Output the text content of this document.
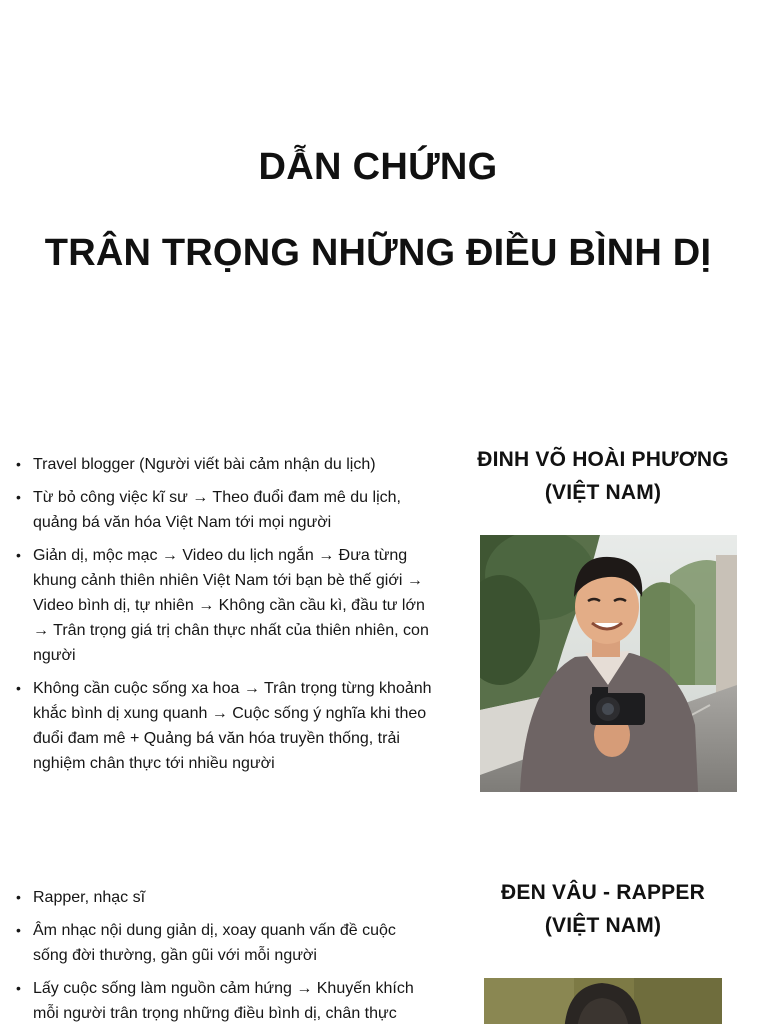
DẪN CHỨNG
TRÂN TRỌNG NHỮNG ĐIỀU BÌNH DỊ
• Travel blogger (Người viết bài cảm nhận du lịch)
• Từ bỏ công việc kĩ sư → Theo đuổi đam mê du lịch, quảng bá văn hóa Việt Nam tới mọi người
• Giản dị, mộc mạc → Video du lịch ngắn → Đưa từng khung cảnh thiên nhiên Việt Nam tới bạn bè thế giới → Video bình dị, tự nhiên → Không cần cầu kì, đầu tư lớn → Trân trọng giá trị chân thực nhất của thiên nhiên, con người
• Không cần cuộc sống xa hoa → Trân trọng từng khoảnh khắc bình dị xung quanh → Cuộc sống ý nghĩa khi theo đuổi đam mê + Quảng bá văn hóa truyền thống, trải nghiệm chân thực tới nhiều người
ĐINH VÕ HOÀI PHƯƠNG
(VIỆT NAM)
• Rapper, nhạc sĩ
• Âm nhạc nội dung giản dị, xoay quanh vấn đề cuộc sống đời thường, gần gũi với mỗi người
• Lấy cuộc sống làm nguồn cảm hứng → Khuyến khích mỗi người trân trọng những điều bình dị, chân thực
ĐEN VÂU - RAPPER
(VIỆT NAM)
